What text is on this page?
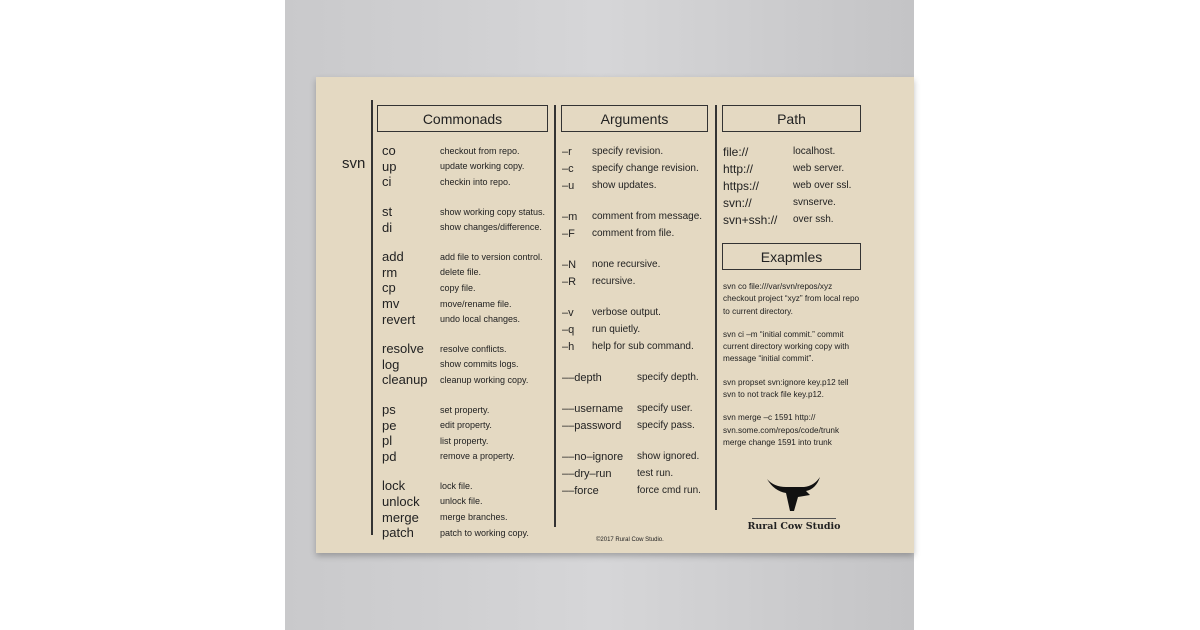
svn
Commonads	Arguments	Path
Exapmles
co	checkout from repo.
up	update working copy.
ci	checkin into repo.
st	show working copy status.
di	show changes/difference.
add	add file to version control.
rm	delete file.
cp	copy file.
mv	move/rename file.
revert	undo local changes.
resolve	resolve conflicts.
log	show commits logs.
cleanup	cleanup working copy.
ps	set property.
pe	edit property.
pl	list property.
pd	remove a property.
lock	lock file.
unlock	unlock file.
merge	merge branches.
patch	patch to working copy.
–r	specify revision.
–c	specify change revision.
–u	show updates.
–m	comment from message.
–F	comment from file.
–N	none recursive.
–R	recursive.
–v	verbose output.
–q	run quietly.
–h	help for sub command.
––depth	specify depth.
––username	specify user.
––password	specify pass.
––no–ignore	show ignored.
––dry–run	test run.
––force	force cmd run.
file://	localhost.
http://	web server.
https://	web over ssl.
svn://	svnserve.
svn+ssh://	over ssh.

svn co file:///var/svn/repos/xyz checkout project “xyz” from local repo to current directory.

svn ci –m “initial commit.” commit current directory working copy with message “initial commit”.

svn propset svn:ignore key.p12 tell svn to not track file key.p12.

svn merge –c 1591 http:// svn.some.com/repos/code/trunk merge change 1591 into trunk

Rural Cow Studio
©2017 Rural Cow Studio.
